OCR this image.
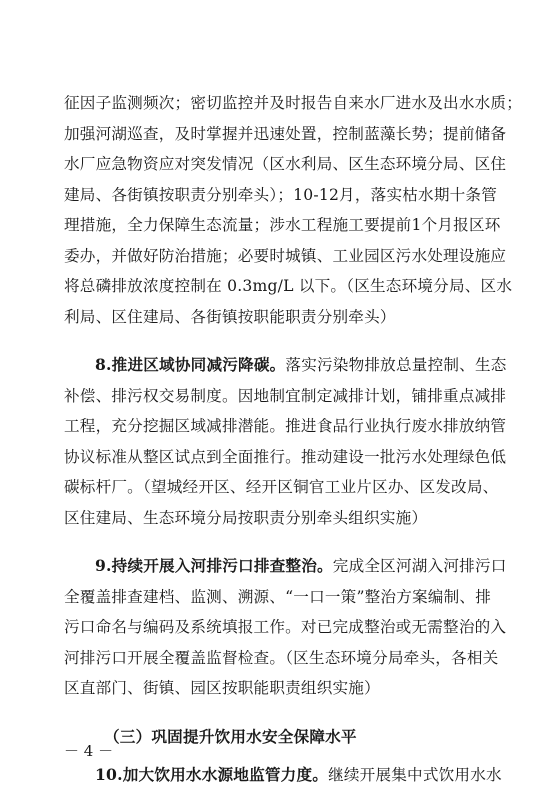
征因子监测频次；密切监控并及时报告自来水厂进水及出水水质；
加强河湖巡查，及时掌握并迅速处置，控制蓝藻长势；提前储备
水厂应急物资应对突发情况（区水利局、区生态环境分局、区住
建局、各街镇按职责分别牵头）；10-12月，落实枯水期十条管
理措施，全力保障生态流量；涉水工程施工要提前1个月报区环
委办，并做好防治措施；必要时城镇、工业园区污水处理设施应
将总磷排放浓度控制在 0.3mg/L 以下。（区生态环境分局、区水
利局、区住建局、各街镇按职能职责分别牵头）
8.推进区域协同减污降碳。落实污染物排放总量控制、生态
补偿、排污权交易制度。因地制宜制定减排计划，铺排重点减排
工程，充分挖掘区域减排潜能。推进食品行业执行废水排放纳管
协议标准从整区试点到全面推行。推动建设一批污水处理绿色低
碳标杆厂。（望城经开区、经开区铜官工业片区办、区发改局、
区住建局、生态环境分局按职责分别牵头组织实施）
9.持续开展入河排污口排查整治。完成全区河湖入河排污口
全覆盖排查建档、监测、溯源、“一口一策”整治方案编制、排
污口命名与编码及系统填报工作。对已完成整治或无需整治的入
河排污口开展全覆盖监督检查。（区生态环境分局牵头，各相关
区直部门、街镇、园区按职能职责组织实施）
（三）巩固提升饮用水安全保障水平
10.加大饮用水水源地监管力度。继续开展集中式饮用水水
－ 4 －
